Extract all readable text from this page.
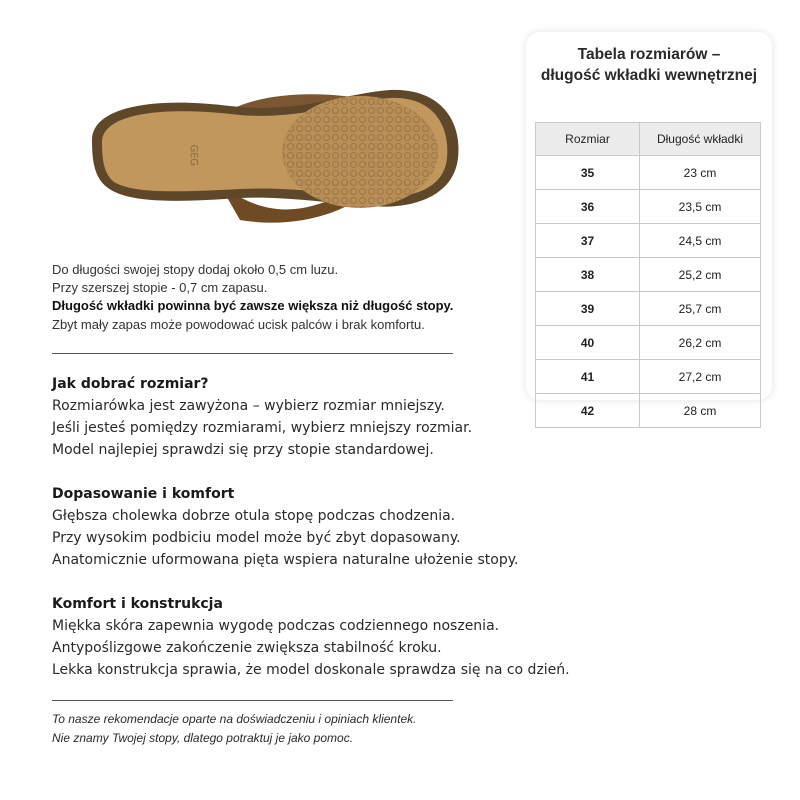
⅁∃⅁
Tabela rozmiarów –
długość wkładki wewnętrznej
Rozmiar	Długość wkładki
35	23 cm
36	23,5 cm
37	24,5 cm
38	25,2 cm
39	25,7 cm
40	26,2 cm
41	27,2 cm
42	28 cm
Do długości swojej stopy dodaj około 0,5 cm luzu.
Przy szerszej stopie - 0,7 cm zapasu.
Długość wkładki powinna być zawsze większa niż długość stopy.
Zbyt mały zapas może powodować ucisk palców i brak komfortu.
Jak dobrać rozmiar?
Rozmiarówka jest zawyżona – wybierz rozmiar mniejszy.
Jeśli jesteś pomiędzy rozmiarami, wybierz mniejszy rozmiar.
Model najlepiej sprawdzi się przy stopie standardowej.
Dopasowanie i komfort
Głębsza cholewka dobrze otula stopę podczas chodzenia.
Przy wysokim podbiciu model może być zbyt dopasowany.
Anatomicznie uformowana pięta wspiera naturalne ułożenie stopy.
Komfort i konstrukcja
Miękka skóra zapewnia wygodę podczas codziennego noszenia.
Antypoślizgowe zakończenie zwiększa stabilność kroku.
Lekka konstrukcja sprawia, że model doskonale sprawdza się na co dzień.
To nasze rekomendacje oparte na doświadczeniu i opiniach klientek.
Nie znamy Twojej stopy, dlatego potraktuj je jako pomoc.
